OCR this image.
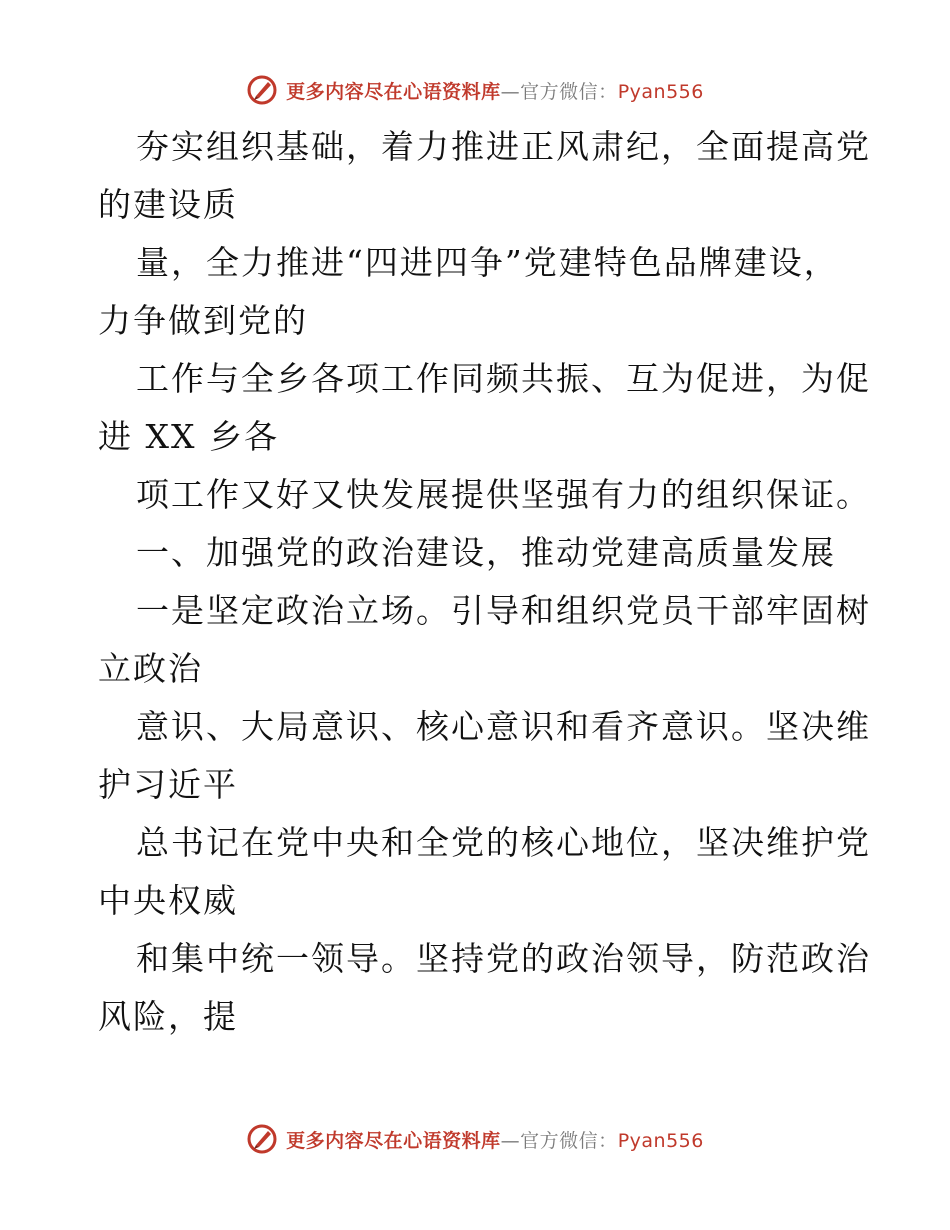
更多内容尽在心语资料库—官方微信：Pyan556
夯实组织基础，着力推进正风肃纪，全面提高党
的建设质
量，全力推进“四进四争”党建特色品牌建设，
力争做到党的
工作与全乡各项工作同频共振、互为促进，为促
进 XX 乡各
项工作又好又快发展提供坚强有力的组织保证。
一、加强党的政治建设，推动党建高质量发展
一是坚定政治立场。引导和组织党员干部牢固树
立政治
意识、大局意识、核心意识和看齐意识。坚决维
护习近平
总书记在党中央和全党的核心地位，坚决维护党
中央权威
和集中统一领导。坚持党的政治领导，防范政治
风险，提
更多内容尽在心语资料库—官方微信：Pyan556
